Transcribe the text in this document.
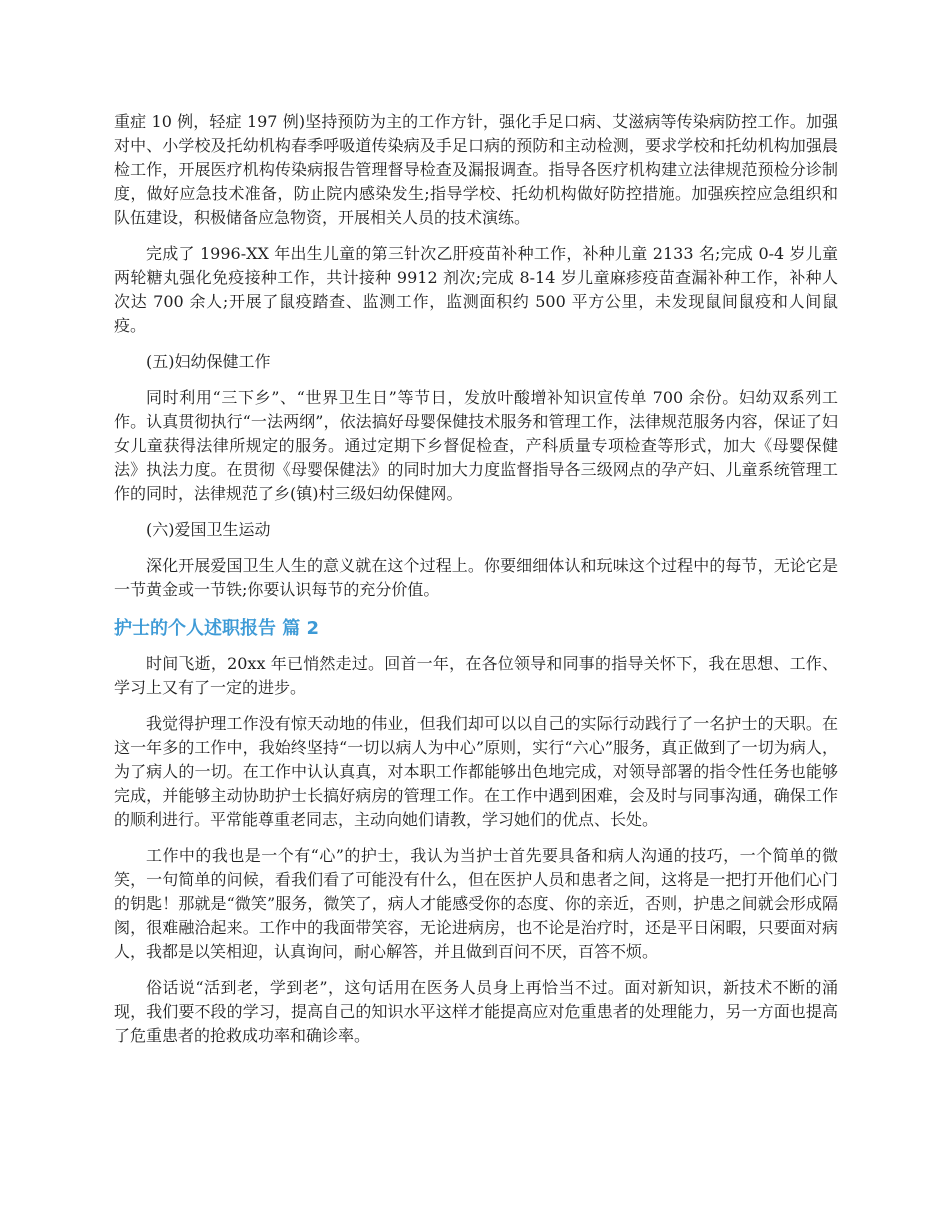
重症 10 例，轻症 197 例)坚持预防为主的工作方针，强化手足口病、艾滋病等传染病防控工作。加强对中、小学校及托幼机构春季呼吸道传染病及手足口病的预防和主动检测，要求学校和托幼机构加强晨检工作，开展医疗机构传染病报告管理督导检查及漏报调查。指导各医疗机构建立法律规范预检分诊制度，做好应急技术准备，防止院内感染发生;指导学校、托幼机构做好防控措施。加强疾控应急组织和队伍建设，积极储备应急物资，开展相关人员的技术演练。

完成了 1996-XX 年出生儿童的第三针次乙肝疫苗补种工作，补种儿童 2133 名;完成 0-4 岁儿童两轮糖丸强化免疫接种工作，共计接种 9912 剂次;完成 8-14 岁儿童麻疹疫苗查漏补种工作，补种人次达 700 余人;开展了鼠疫踏查、监测工作，监测面积约 500 平方公里，未发现鼠间鼠疫和人间鼠疫。

(五)妇幼保健工作

同时利用“三下乡”、“世界卫生日”等节日，发放叶酸增补知识宣传单 700 余份。妇幼双系列工作。认真贯彻执行“一法两纲”，依法搞好母婴保健技术服务和管理工作，法律规范服务内容，保证了妇女儿童获得法律所规定的服务。通过定期下乡督促检查，产科质量专项检查等形式，加大《母婴保健法》执法力度。在贯彻《母婴保健法》的同时加大力度监督指导各三级网点的孕产妇、儿童系统管理工作的同时，法律规范了乡(镇)村三级妇幼保健网。

(六)爱国卫生运动

深化开展爱国卫生人生的意义就在这个过程上。你要细细体认和玩味这个过程中的每节，无论它是一节黄金或一节铁;你要认识每节的充分价值。

护士的个人述职报告 篇 2

时间飞逝，20xx 年已悄然走过。回首一年，在各位领导和同事的指导关怀下，我在思想、工作、学习上又有了一定的进步。

我觉得护理工作没有惊天动地的伟业，但我们却可以以自己的实际行动践行了一名护士的天职。在这一年多的工作中，我始终坚持“一切以病人为中心”原则，实行“六心”服务，真正做到了一切为病人，为了病人的一切。在工作中认认真真，对本职工作都能够出色地完成，对领导部署的指令性任务也能够完成，并能够主动协助护士长搞好病房的管理工作。在工作中遇到困难，会及时与同事沟通，确保工作的顺利进行。平常能尊重老同志，主动向她们请教，学习她们的优点、长处。

工作中的我也是一个有“心”的护士，我认为当护士首先要具备和病人沟通的技巧，一个简单的微笑，一句简单的问候，看我们看了可能没有什么，但在医护人员和患者之间，这将是一把打开他们心门的钥匙！那就是“微笑”服务，微笑了，病人才能感受你的态度、你的亲近，否则，护患之间就会形成隔阂，很难融洽起来。工作中的我面带笑容，无论进病房，也不论是治疗时，还是平日闲暇，只要面对病人，我都是以笑相迎，认真询问，耐心解答，并且做到百问不厌，百答不烦。

俗话说“活到老，学到老”，这句话用在医务人员身上再恰当不过。面对新知识，新技术不断的涌现，我们要不段的学习，提高自己的知识水平这样才能提高应对危重患者的处理能力，另一方面也提高了危重患者的抢救成功率和确诊率。
